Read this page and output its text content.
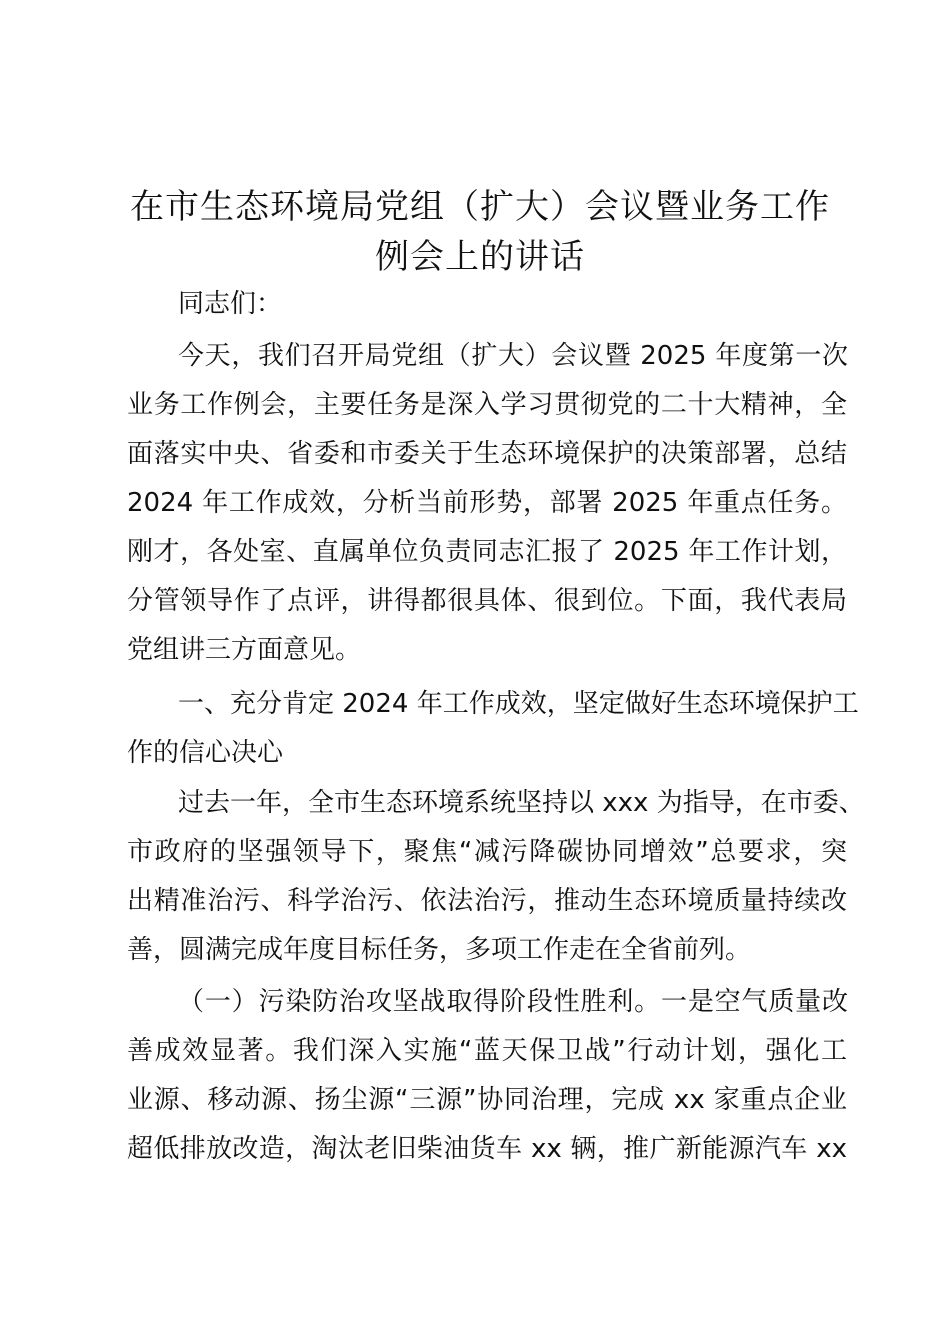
在市生态环境局党组（扩大）会议暨业务工作
例会上的讲话

同志们：

今天，我们召开局党组（扩大）会议暨 2025 年度第一次

业务工作例会，主要任务是深入学习贯彻党的二十大精神，全

面落实中央、省委和市委关于生态环境保护的决策部署，总结

2024 年工作成效，分析当前形势，部署 2025 年重点任务。

刚才，各处室、直属单位负责同志汇报了 2025 年工作计划，

分管领导作了点评，讲得都很具体、很到位。下面，我代表局

党组讲三方面意见。

一、充分肯定 2024 年工作成效，坚定做好生态环境保护工

作的信心决心

过去一年，全市生态环境系统坚持以 xxx 为指导，在市委、

市政府的坚强领导下，聚焦“减污降碳协同增效”总要求，突

出精准治污、科学治污、依法治污，推动生态环境质量持续改

善，圆满完成年度目标任务，多项工作走在全省前列。

（一）污染防治攻坚战取得阶段性胜利。一是空气质量改

善成效显著。我们深入实施“蓝天保卫战”行动计划，强化工

业源、移动源、扬尘源“三源”协同治理，完成 xx 家重点企业

超低排放改造，淘汰老旧柴油货车 xx 辆，推广新能源汽车 xx
